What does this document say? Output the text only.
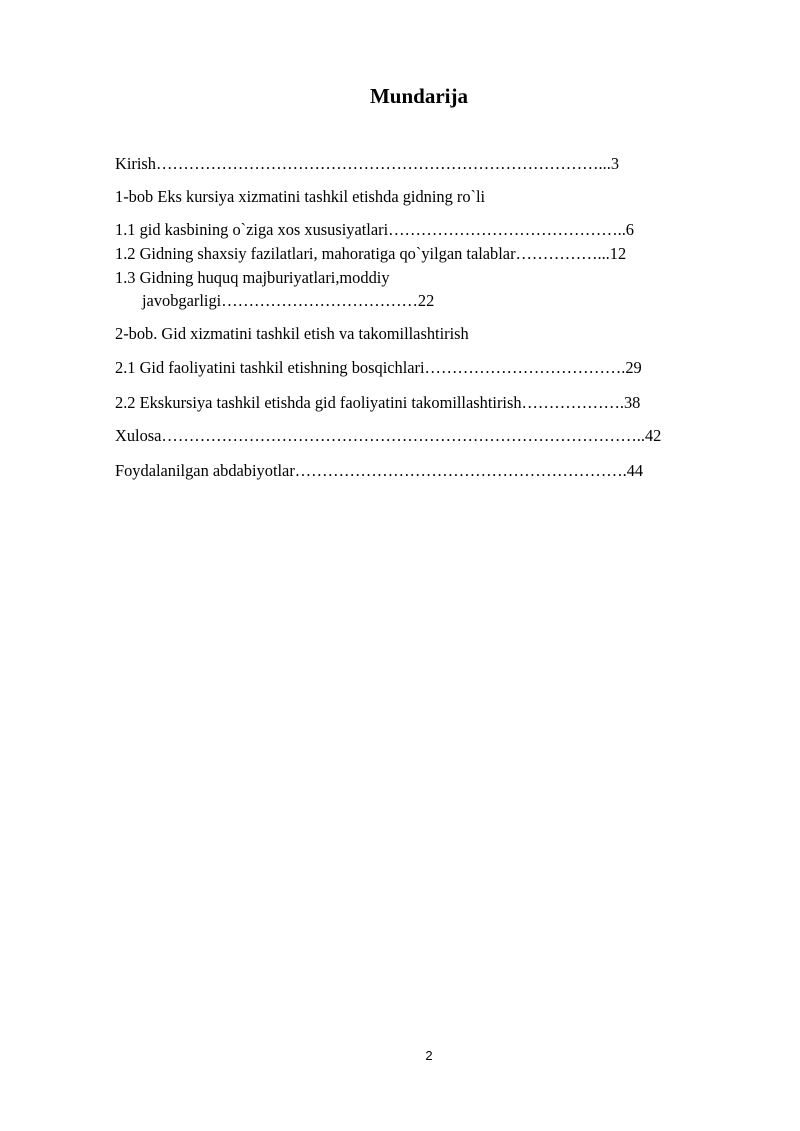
Mundarija
Kirish………………………………………………………………………...3
1-bob Eks kursiya xizmatini tashkil etishda gidning ro`li
1.1 gid kasbining o`ziga xos xususiyatlari……………………………………..6
1.2 Gidning shaxsiy fazilatlari, mahoratiga qo`yilgan talablar……………...12
1.3 Gidning huquq majburiyatlari,moddiy
javobgarligi………………………………22
2-bob. Gid xizmatini tashkil etish va takomillashtirish
2.1 Gid faoliyatini tashkil etishning bosqichlari……………………………….29
2.2 Ekskursiya tashkil etishda gid faoliyatini takomillashtirish……………….38
Xulosa……………………………………………………………………………..42
Foydalanilgan abdabiyotlar…………………………………………………….44
2
